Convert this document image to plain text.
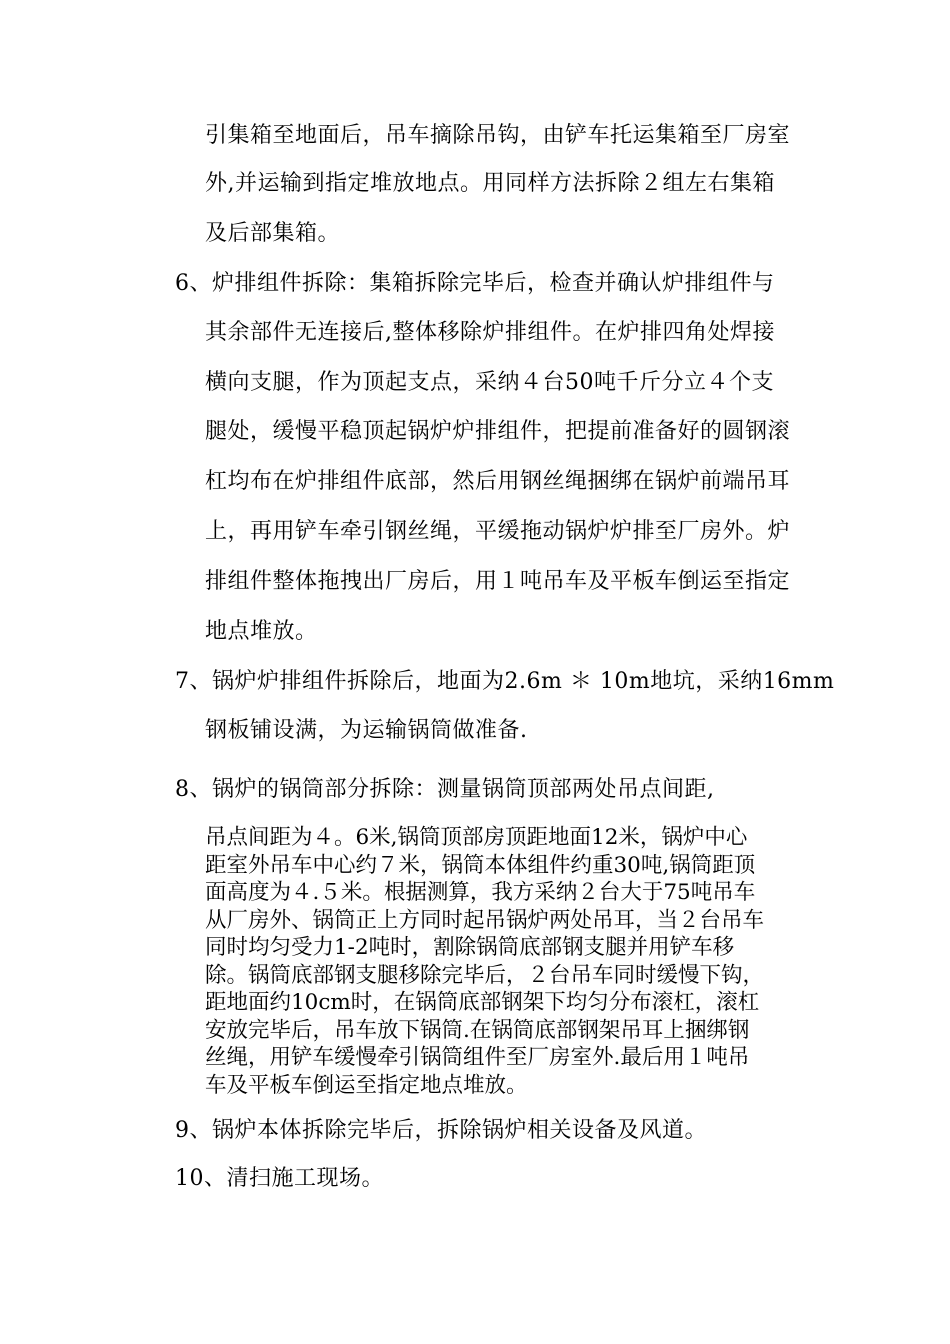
引集箱至地面后，吊车摘除吊钩，由铲车托运集箱至厂房室
外,并运输到指定堆放地点。用同样方法拆除２组左右集箱
及后部集箱。
6、炉排组件拆除：集箱拆除完毕后，检查并确认炉排组件与
其余部件无连接后,整体移除炉排组件。在炉排四角处焊接
横向支腿，作为顶起支点，采纳４台50吨千斤分立４个支
腿处，缓慢平稳顶起锅炉炉排组件，把提前准备好的圆钢滚
杠均布在炉排组件底部，然后用钢丝绳捆绑在锅炉前端吊耳
上，再用铲车牵引钢丝绳，平缓拖动锅炉炉排至厂房外。炉
排组件整体拖拽出厂房后，用１吨吊车及平板车倒运至指定
地点堆放。
7、锅炉炉排组件拆除后，地面为2.6m ＊ 10m地坑，采纳16mm
钢板铺设满，为运输锅筒做准备.
8、锅炉的锅筒部分拆除：测量锅筒顶部两处吊点间距,
吊点间距为４。6米,锅筒顶部房顶距地面12米，锅炉中心
距室外吊车中心约７米，锅筒本体组件约重30吨,锅筒距顶
面高度为４.５米。根据测算，我方采纳２台大于75吨吊车
从厂房外、锅筒正上方同时起吊锅炉两处吊耳，当２台吊车
同时均匀受力1-2吨时，割除锅筒底部钢支腿并用铲车移
除。锅筒底部钢支腿移除完毕后，２台吊车同时缓慢下钩，
距地面约10cm时，在锅筒底部钢架下均匀分布滚杠，滚杠
安放完毕后，吊车放下锅筒.在锅筒底部钢架吊耳上捆绑钢
丝绳，用铲车缓慢牵引锅筒组件至厂房室外.最后用１吨吊
车及平板车倒运至指定地点堆放。
9、锅炉本体拆除完毕后，拆除锅炉相关设备及风道。
10、清扫施工现场。
